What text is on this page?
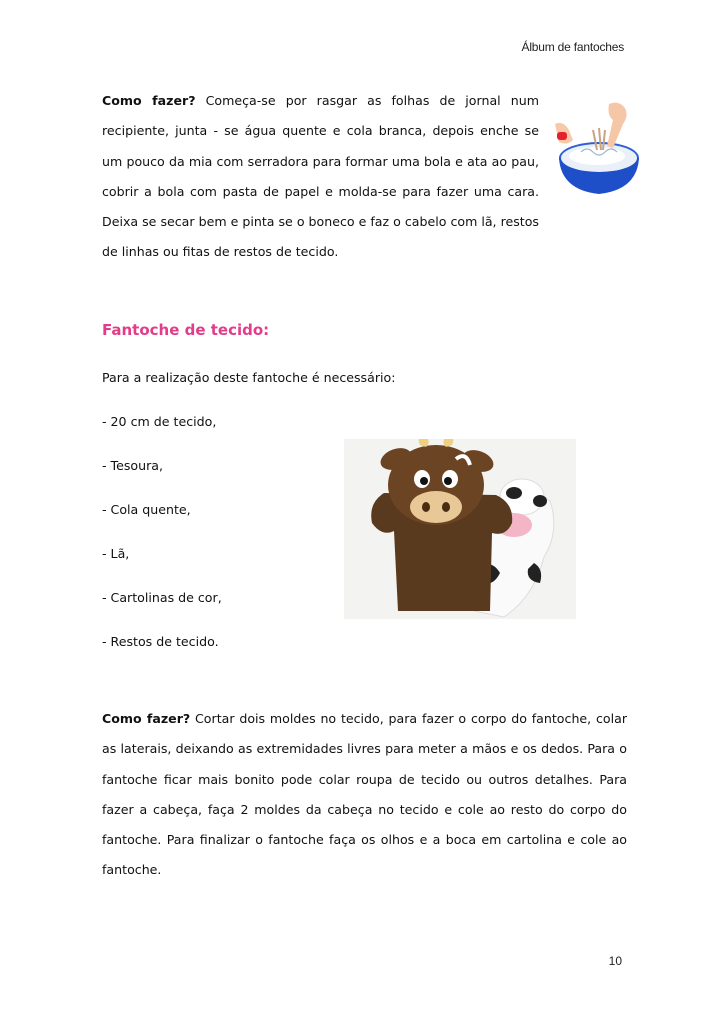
Álbum de fantoches
Como fazer? Começa-se por rasgar as folhas de jornal num recipiente, junta - se água quente e cola branca, depois enche se um pouco da mia com serradora para formar uma bola e ata ao pau, cobrir a bola com pasta de papel e molda-se para fazer uma cara. Deixa se secar bem e pinta se o boneco e faz o cabelo com lã, restos de linhas ou fitas de restos de tecido.
Fantoche de tecido:
Para a realização deste fantoche é necessário:
- 20 cm de tecido,
- Tesoura,
- Cola quente,
- Lã,
- Cartolinas de cor,
- Restos de tecido.
Como fazer? Cortar dois moldes no tecido, para fazer o corpo do fantoche, colar as laterais, deixando as extremidades livres para meter a mãos e os dedos. Para o fantoche ficar mais bonito pode colar roupa de tecido ou outros detalhes. Para fazer a cabeça, faça 2 moldes da cabeça no tecido e cole ao resto do corpo do fantoche. Para finalizar o fantoche faça os olhos e a boca em cartolina e cole ao fantoche.
10
